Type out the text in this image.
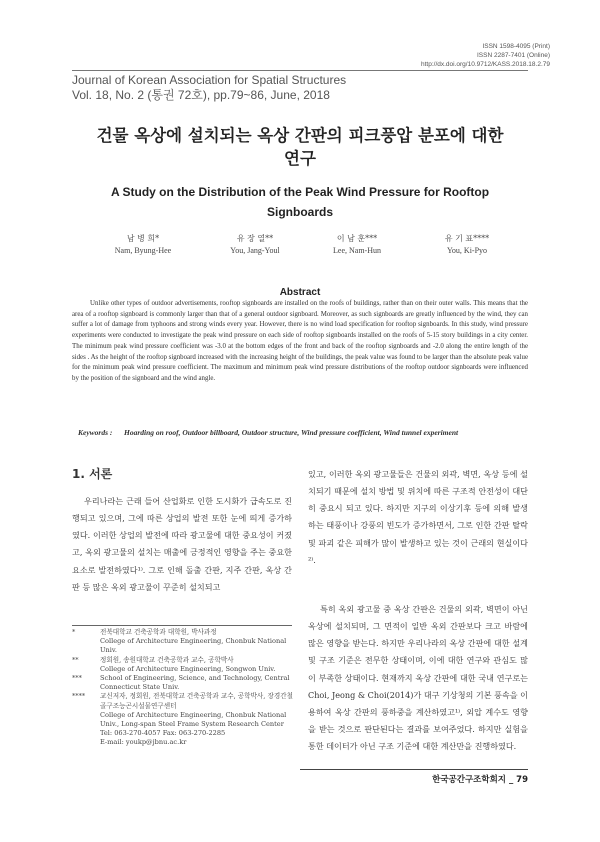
ISSN 1598-4095 (Print)
ISSN 2287-7401 (Online)
http://dx.doi.org/10.9712/KASS.2018.18.2.79
Journal of Korean Association for Spatial Structures
Vol. 18, No. 2 (통권 72호), pp.79~86, June, 2018
건물 옥상에 설치되는 옥상 간판의 피크풍압 분포에 대한
연구
A Study on the Distribution of the Peak Wind Pressure for Rooftop
Signboards
남 병 희*
Nam, Byung-Hee
유 장 열**
You, Jang-Youl
이 남 훈***
Lee, Nam-Hun
유 기 표****
You, Ki-Pyo
Abstract
Unlike other types of outdoor advertisements, rooftop signboards are installed on the roofs of buildings, rather than on their outer walls. This means that the area of a rooftop signboard is commonly larger than that of a general outdoor signboard. Moreover, as such signboards are greatly influenced by the wind, they can suffer a lot of damage from typhoons and strong winds every year. However, there is no wind load specification for rooftop signboards. In this study, wind pressure experiments were conducted to investigate the peak wind pressure on each side of rooftop signboards installed on the roofs of 5-15 story buildings in a city center. The minimum peak wind pressure coefficient was -3.0 at the bottom edges of the front and back of the rooftop signboards and -2.0 along the entire length of the sides . As the height of the rooftop signboard increased with the increasing height of the buildings, the peak value was found to be larger than the absolute peak value for the minimum peak wind pressure coefficient. The maximum and minimum peak wind pressure distributions of the rooftop outdoor signboards were influenced by the position of the signboard and the wind angle.
Keywords : Hoarding on roof, Outdoor billboard, Outdoor structure, Wind pressure coefficient, Wind tunnel experiment
1. 서론
우리나라는 근래 들어 산업화로 인한 도시화가 급속도로 진행되고 있으며, 그에 따른 상업의 발전 또한 눈에 띄게 증가하였다. 이러한 상업의 발전에 따라 광고물에 대한 중요성이 커졌고, 옥외 광고물의 설치는 매출에 긍정적인 영향을 주는 중요한 요소로 발전하였다¹⁾. 그로 인해 돌출 간판, 지주 간판, 옥상 간판 등 많은 옥외 광고물이 꾸준히 설치되고
*	전북대학교 건축공학과 대학원, 박사과정
College of Architecture Engineering, Chonbuk National Univ.
**	정회원, 송원대학교 건축공학과 교수, 공학박사
College of Architecture Engineering, Songwon Univ.
***	School of Engineering, Science, and Technology, Central Connecticut State Univ.
**** 교신저자, 정회원, 전북대학교 건축공학과 교수, 공학박사, 장경간철골구조능곤시설물연구센터
College of Architecture Engineering, Chonbuk National Univ., Long-span Steel Frame System Research Center
Tel: 063-270-4057 Fax: 063-270-2285
E-mail: youkp@jbnu.ac.kr
있고, 이러한 옥외 광고물들은 건물의 외곽, 벽면, 옥상 등에 설치되기 때문에 설치 방법 및 위치에 따른 구조적 안전성이 대단히 중요시 되고 있다. 하지만 지구의 이상기후 등에 의해 발생하는 태풍이나 강풍의 빈도가 증가하면서, 그로 인한 간판 탈락 및 파괴 같은 피해가 많이 발생하고 있는 것이 근래의 현실이다²⁾.
특히 옥외 광고물 중 옥상 간판은 건물의 외곽, 벽면이 아닌 옥상에 설치되며, 그 면적이 일반 옥외 간판보다 크고 바람에 많은 영향을 받는다. 하지만 우리나라의 옥상 간판에 대한 설계 및 구조 기준은 전무한 상태이며, 이에 대한 연구와 관심도 많이 부족한 상태이다. 현재까지 옥상 간판에 대한 국내 연구로는 Choi, Jeong & Choi(2014)가 대구 기상청의 기본 풍속을 이용하여 옥상 간판의 풍하중을 계산하였고¹⁾, 외압 계수도 영향을 받는 것으로 판단된다는 결과를 보여주었다. 하지만 실험을 통한 데이터가 아닌 구조 기준에 대한 계산만을 진행하였다.
한국공간구조학회지 _ 79
